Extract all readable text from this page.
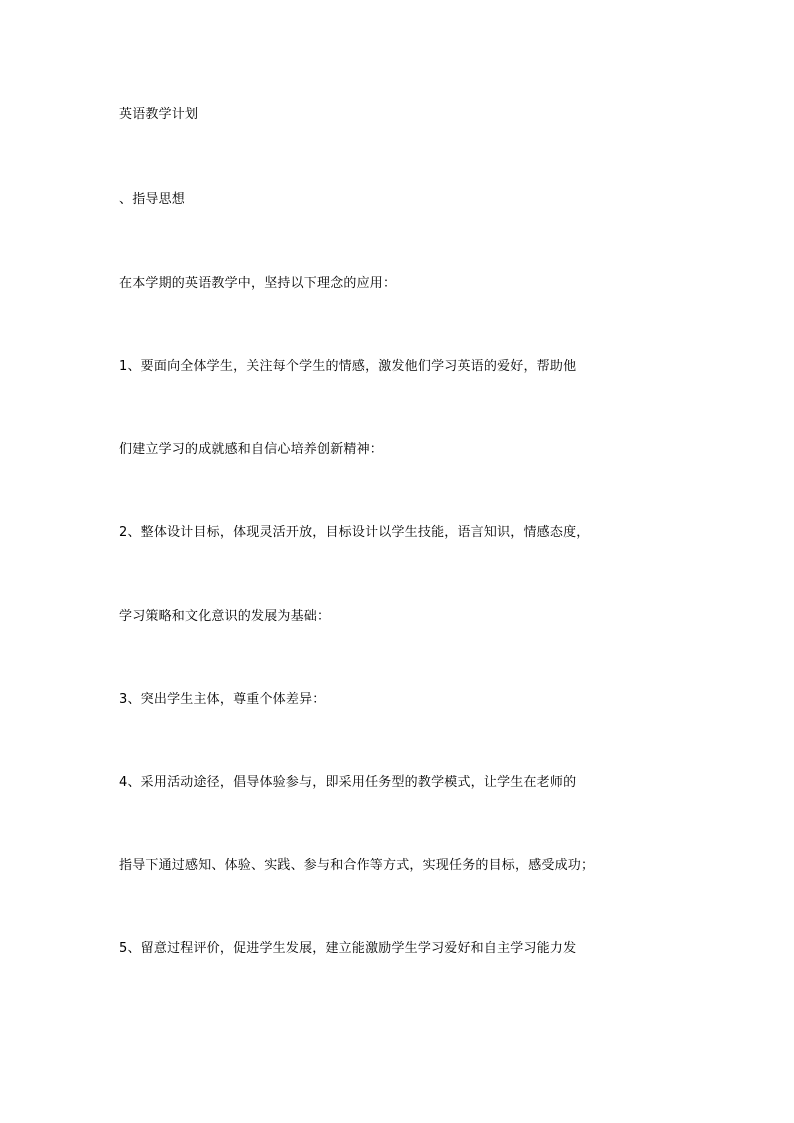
英语教学计划
、指导思想
在本学期的英语教学中，坚持以下理念的应用：
1、要面向全体学生，关注每个学生的情感，激发他们学习英语的爱好，帮助他
们建立学习的成就感和自信心培养创新精神：
2、整体设计目标，体现灵活开放，目标设计以学生技能，语言知识，情感态度，
学习策略和文化意识的发展为基础：
3、突出学生主体，尊重个体差异：
4、采用活动途径，倡导体验参与，即采用任务型的教学模式，让学生在老师的
指导下通过感知、体验、实践、参与和合作等方式，实现任务的目标，感受成功；
5、留意过程评价，促进学生发展，建立能激励学生学习爱好和自主学习能力发
